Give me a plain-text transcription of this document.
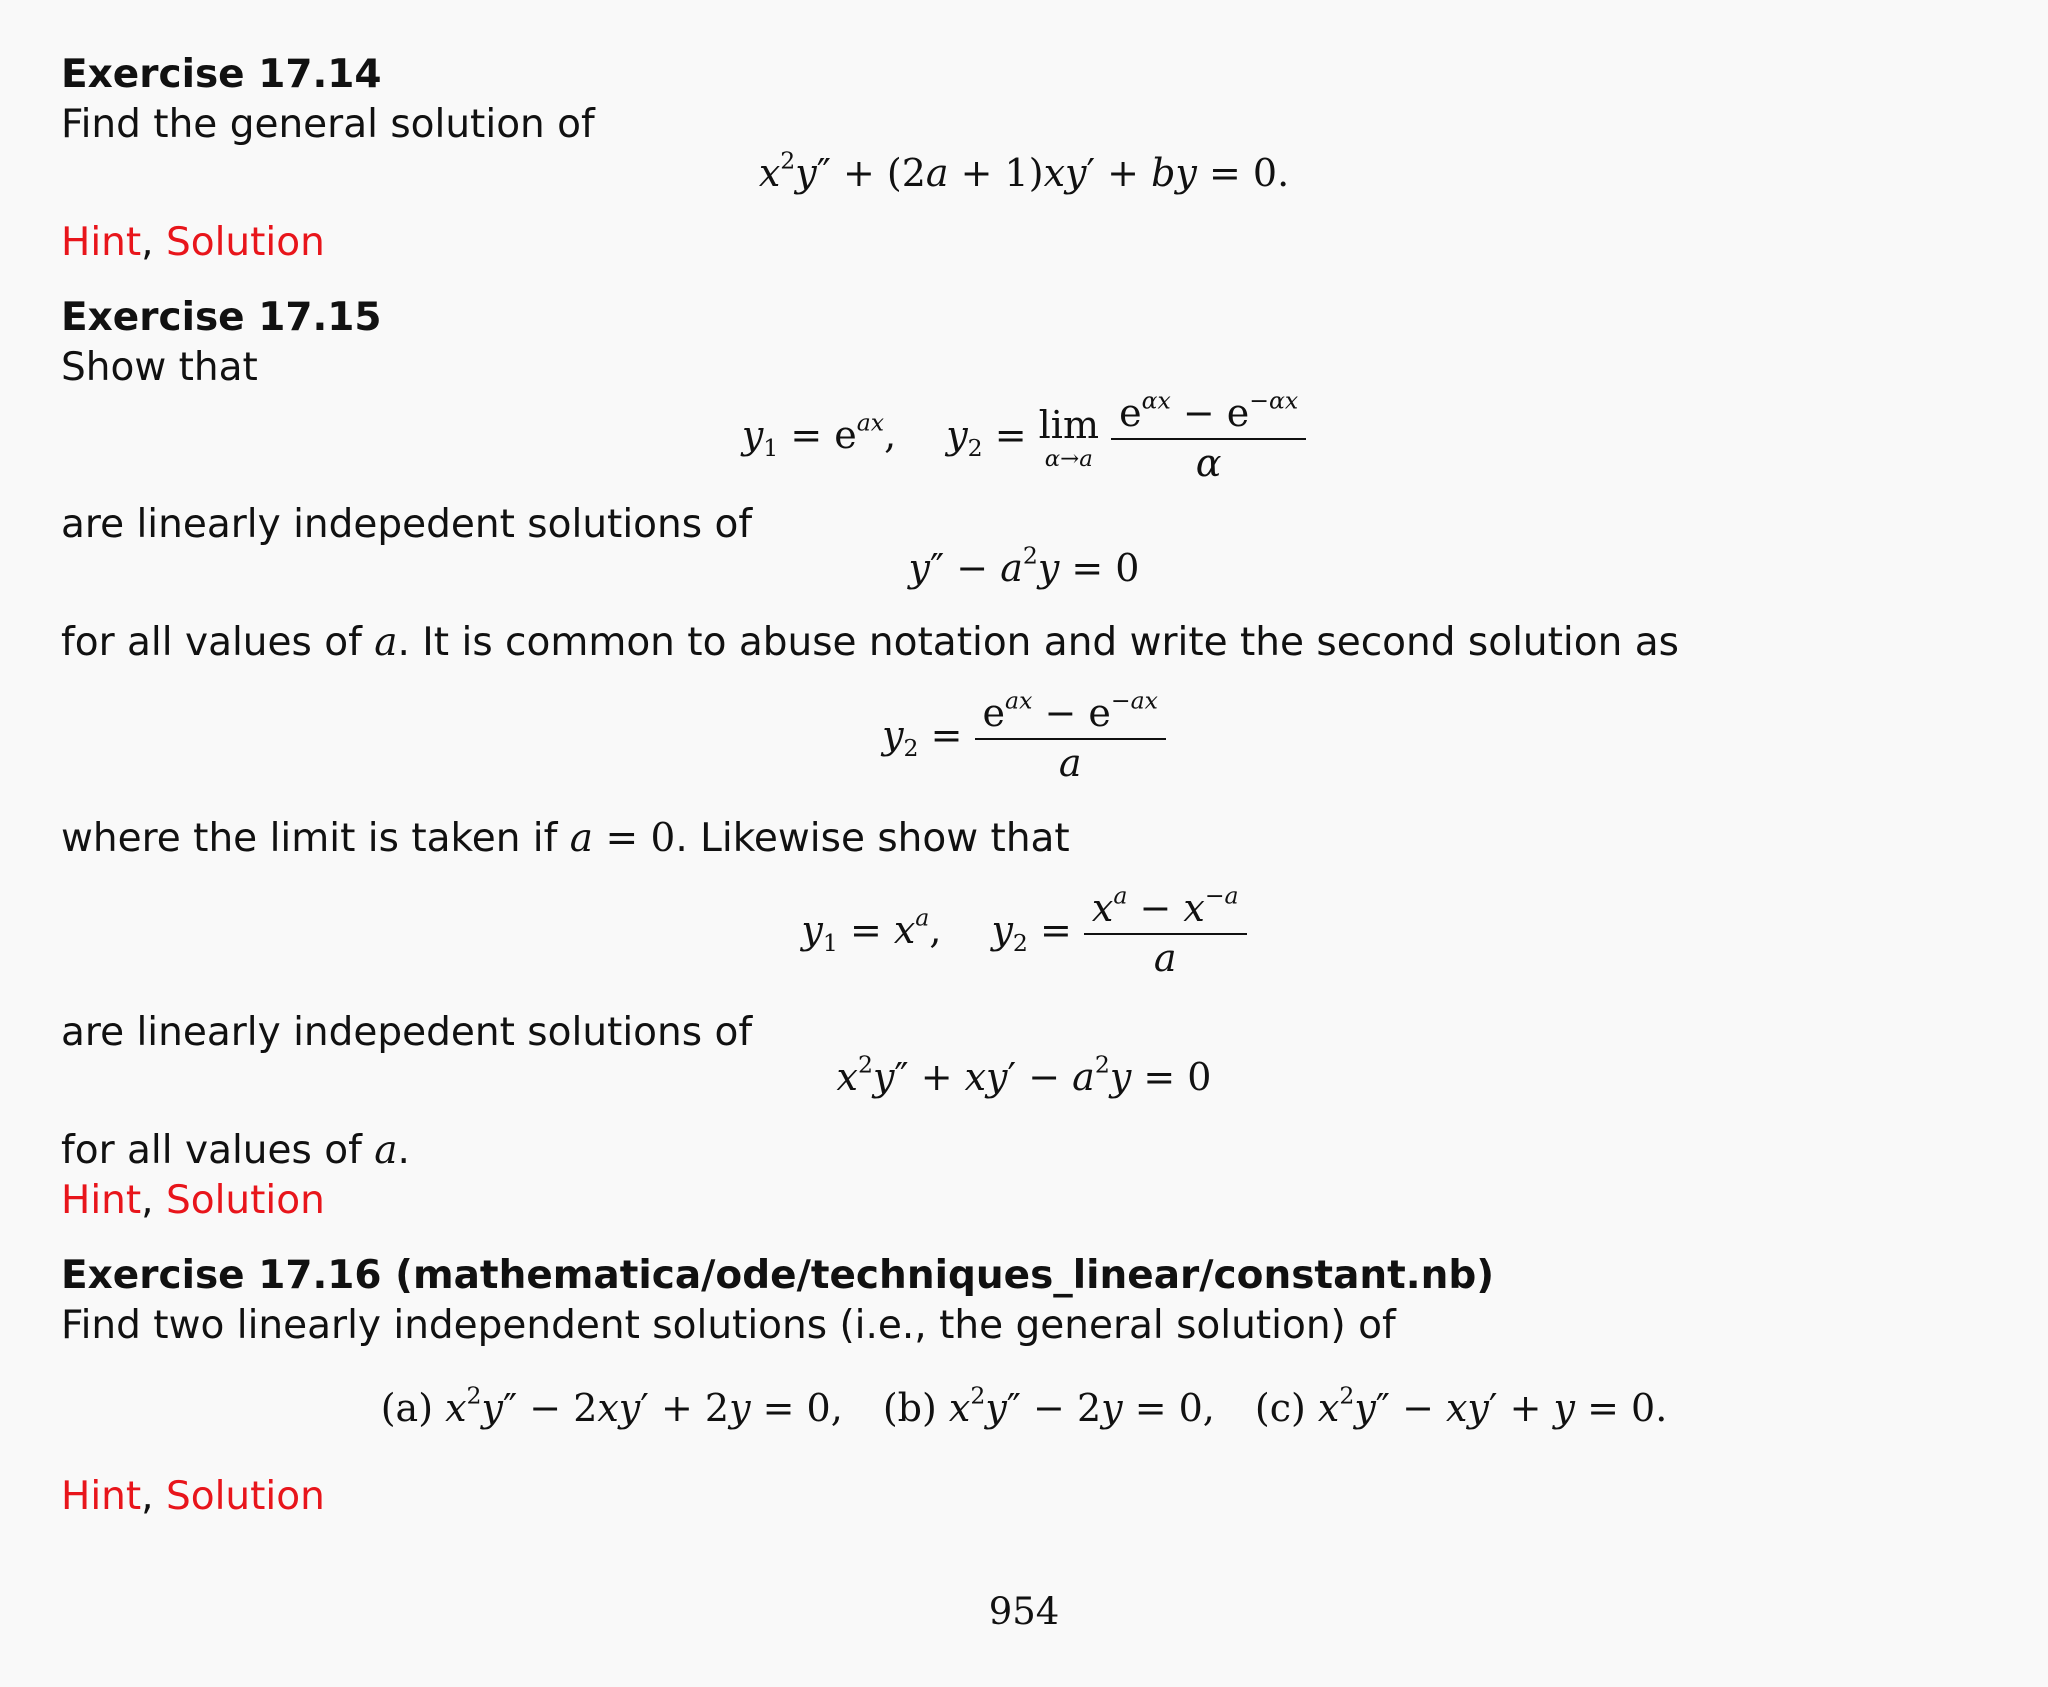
Exercise 17.14
Find the general solution of
$x^2y'' + (2a + 1)xy'$ + by = 0.
Hint, Solution
Exercise 17.15
Show that
$y_1 = e^{ax}$, $y_2 = \lim$
α→a
$\frac{e^{\alpha x} - e^{-\alpha x}}{\alpha}$
are linearly indepedent solutions of
$y'' - a^2y = 0$
for all values of a. It is common to abuse notation and write the second solution as
$y_2 = \frac{e^{ax} - e^{-ax}}{a}$
where the limit is taken if a = 0. Likewise show that
$y_1 = x^a$, $y_2 = \frac{x^a - x^{-a}}{a}$
are linearly indepedent solutions of
$x^2y'' + xy' - a^2y = 0$
for all values of a.
Hint, Solution
Exercise 17.16 (mathematica/ode/techniques_linear/constant.nb)
Find two linearly independent solutions (i.e., the general solution) of
(a) $x^2y'' - 2xy' + 2y = 0$, (b) $x^2y'' - 2y = 0$, (c) $x^2y'' - xy' + y = 0$.
Hint, Solution
954
